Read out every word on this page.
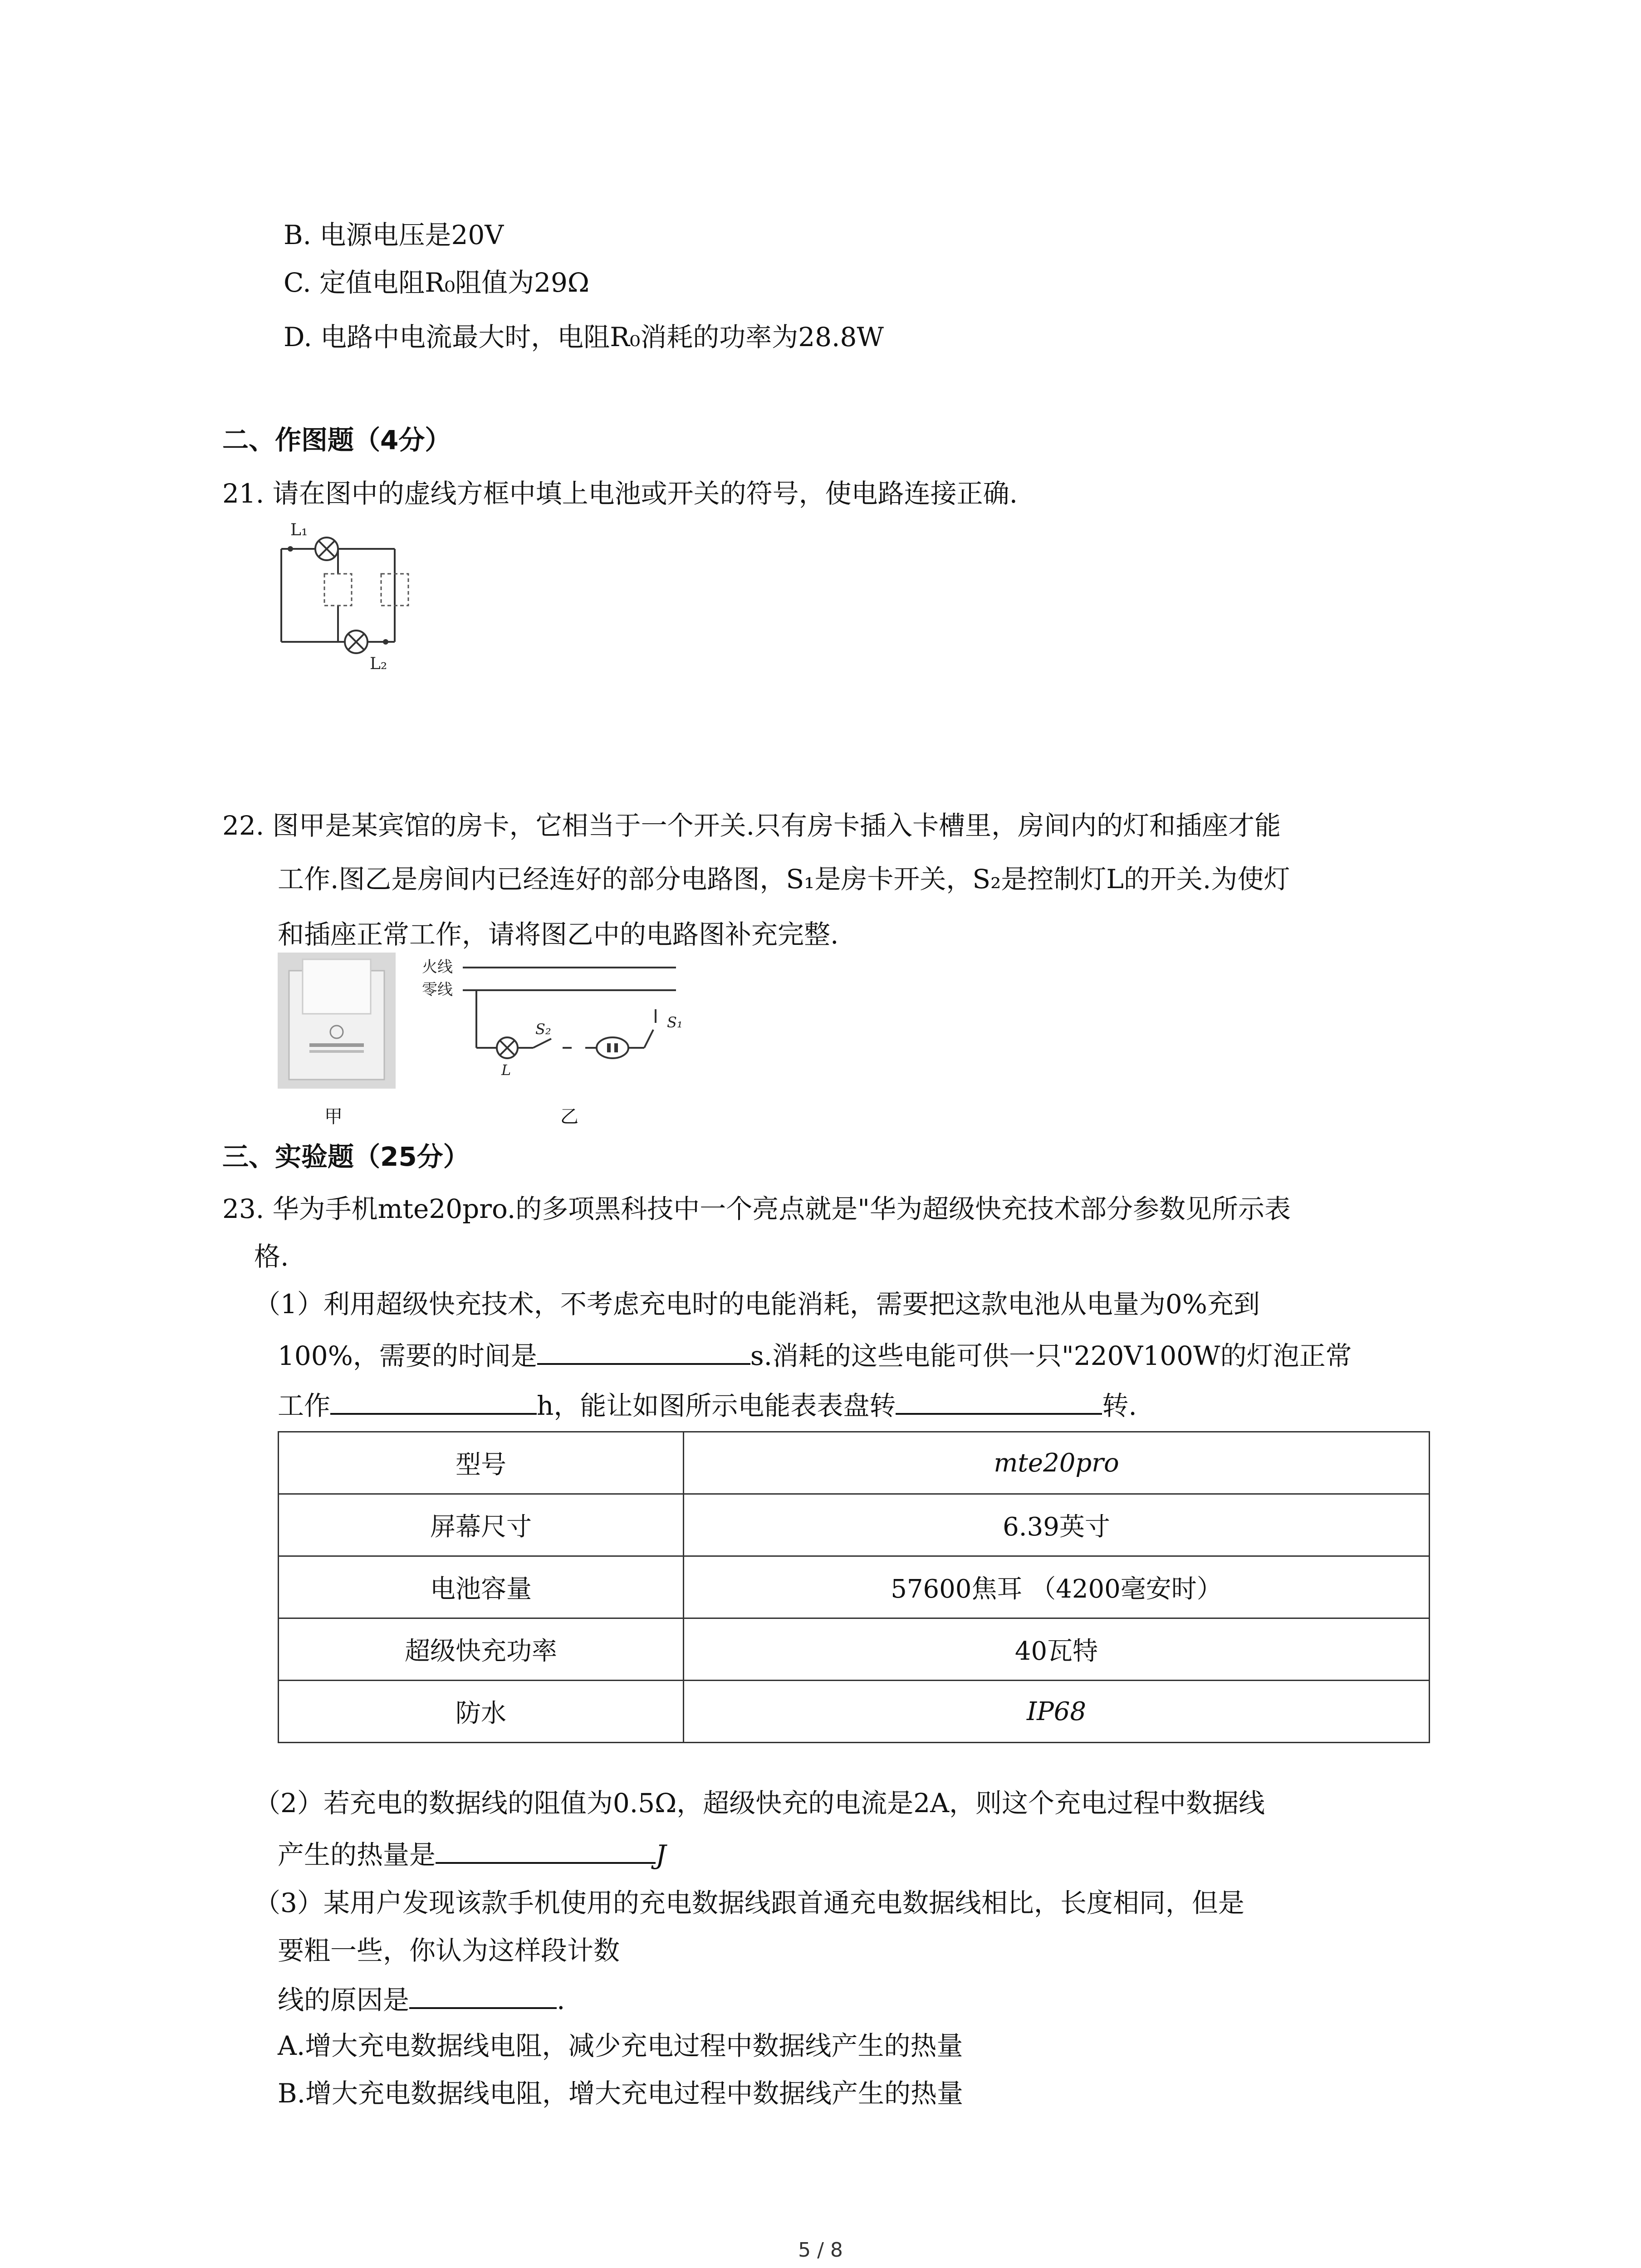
B. 电源电压是20V
C. 定值电阻R₀阻值为29Ω
D. 电路中电流最大时，电阻R₀消耗的功率为28.8W
二、作图题（4分）
21. 请在图中的虚线方框中填上电池或开关的符号，使电路连接正确.
L₁
L₂
22. 图甲是某宾馆的房卡，它相当于一个开关.只有房卡插入卡槽里，房间内的灯和插座才能
工作.图乙是房间内已经连好的部分电路图，S₁是房卡开关，S₂是控制灯L的开关.为使灯
和插座正常工作，请将图乙中的电路图补充完整.
甲
火线
零线
S₂	S₁
L
乙
三、实验题（25分）
23. 华为手机mte20pro.的多项黑科技中一个亮点就是"华为超级快充技术部分参数见所示表
格.
（1）利用超级快充技术，不考虑充电时的电能消耗，需要把这款电池从电量为0%充到
100%，需要的时间是	s.消耗的这些电能可供一只"220V100W的灯泡正常
工作	h，能让如图所示电能表表盘转	转.
型号	mte20pro
屏幕尺寸	6.39英寸
电池容量	57600焦耳 （4200毫安时）
超级快充功率	40瓦特
防水	IP68
（2）若充电的数据线的阻值为0.5Ω，超级快充的电流是2A，则这个充电过程中数据线
产生的热量是	J
（3）某用户发现该款手机使用的充电数据线跟首通充电数据线相比，长度相同，但是
要粗一些，你认为这样段计数
线的原因是	.
A.增大充电数据线电阻，减少充电过程中数据线产生的热量
B.增大充电数据线电阻，增大充电过程中数据线产生的热量
5 / 8
